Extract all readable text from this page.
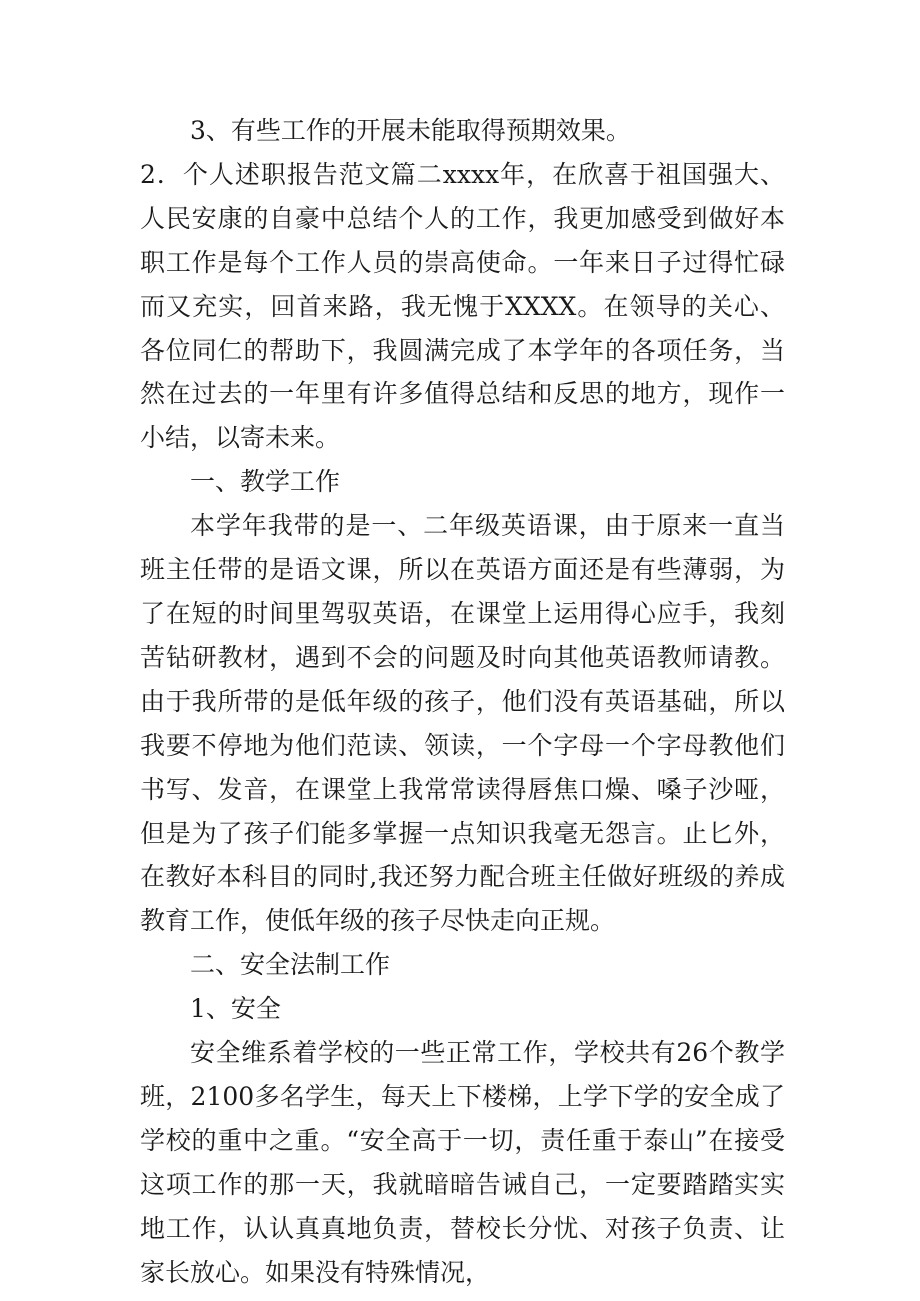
3、有些工作的开展未能取得预期效果。

2．个人述职报告范文篇二xxxx年，在欣喜于祖国强大、人民安康的自豪中总结个人的工作，我更加感受到做好本职工作是每个工作人员的崇高使命。一年来日子过得忙碌而又充实，回首来路，我无愧于XXXX。在领导的关心、各位同仁的帮助下，我圆满完成了本学年的各项任务，当然在过去的一年里有许多值得总结和反思的地方，现作一小结，以寄未来。

一、教学工作

本学年我带的是一、二年级英语课，由于原来一直当班主任带的是语文课，所以在英语方面还是有些薄弱，为了在短的时间里驾驭英语，在课堂上运用得心应手，我刻苦钻研教材，遇到不会的问题及时向其他英语教师请教。由于我所带的是低年级的孩子，他们没有英语基础，所以我要不停地为他们范读、领读，一个字母一个字母教他们书写、发音，在课堂上我常常读得唇焦口燥、嗓子沙哑，但是为了孩子们能多掌握一点知识我毫无怨言。止匕外，在教好本科目的同时,我还努力配合班主任做好班级的养成教育工作，使低年级的孩子尽快走向正规。

二、安全法制工作

1、安全

安全维系着学校的一些正常工作，学校共有26个教学班，2100多名学生，每天上下楼梯，上学下学的安全成了学校的重中之重。“安全高于一切，责任重于泰山”在接受这项工作的那一天，我就暗暗告诫自己，一定要踏踏实实地工作，认认真真地负责，替校长分忧、对孩子负责、让家长放心。如果没有特殊情况，
